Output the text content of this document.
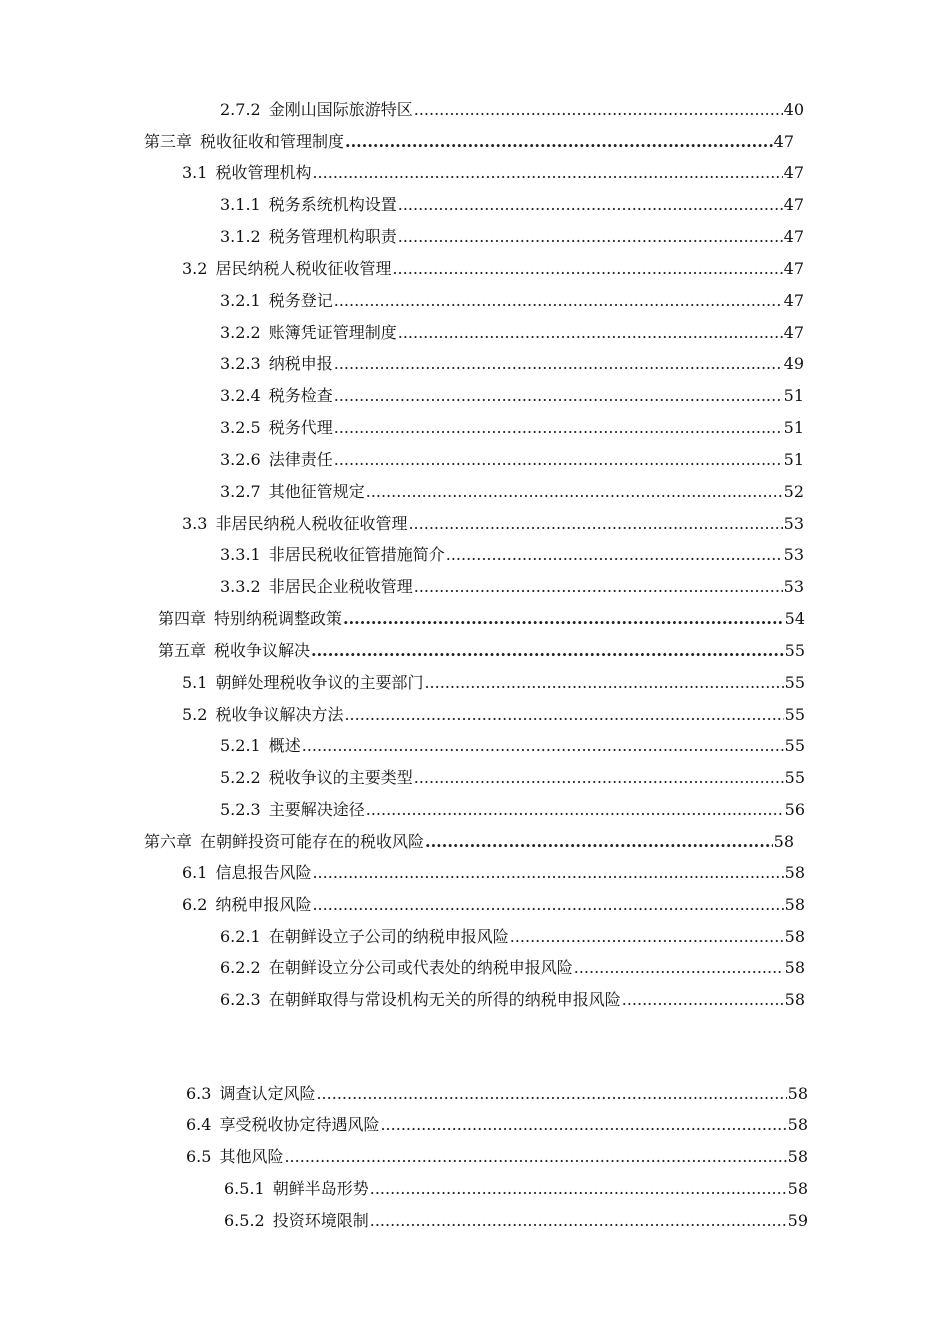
2.7.2 金刚山国际旅游特区 .....	40
第三章 税收征收和管理制度 .....	47
3.1 税收管理机构 .....	47
3.1.1 税务系统机构设置 .....	47
3.1.2 税务管理机构职责 .....	47
3.2 居民纳税人税收征收管理 .....	47
3.2.1 税务登记 .....	47
3.2.2 账簿凭证管理制度 .....	47
3.2.3 纳税申报 .....	49
3.2.4 税务检查 .....	51
3.2.5 税务代理 .....	51
3.2.6 法律责任 .....	51
3.2.7 其他征管规定 .....	52
3.3 非居民纳税人税收征收管理 .....	53
3.3.1 非居民税收征管措施简介 .....	53
3.3.2 非居民企业税收管理 .....	53
第四章 特别纳税调整政策 .....	54
第五章 税收争议解决 .....	55
5.1 朝鲜处理税收争议的主要部门 .....	55
5.2 税收争议解决方法 .....	55
5.2.1 概述 .....	55
5.2.2 税收争议的主要类型 .....	55
5.2.3 主要解决途径 .....	56
第六章 在朝鲜投资可能存在的税收风险 .....	58
6.1 信息报告风险 .....	58
6.2 纳税申报风险 .....	58
6.2.1 在朝鲜设立子公司的纳税申报风险 .....	58
6.2.2 在朝鲜设立分公司或代表处的纳税申报风险 .....	58
6.2.3 在朝鲜取得与常设机构无关的所得的纳税申报风险 .....	58
6.3 调查认定风险 .....	58
6.4 享受税收协定待遇风险 .....	58
6.5 其他风险 .....	58
6.5.1 朝鲜半岛形势 .....	58
6.5.2 投资环境限制 .....	59
